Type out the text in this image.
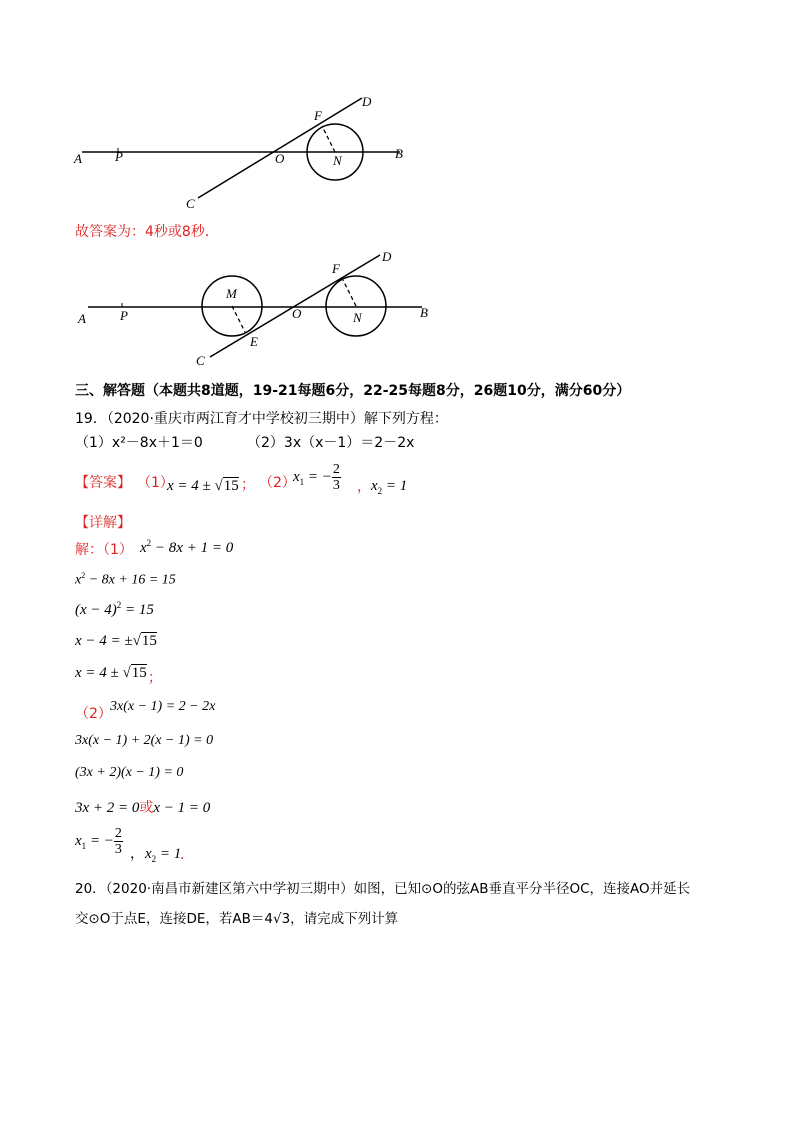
A	P	O	N	B
C
D
F
故答案为：4秒或8秒．
A	P
M
E
O
F
N	B
C
D
三、解答题（本题共8道题，19-21每题6分，22-25每题8分，26题10分，满分60分）
19．（2020·重庆市两江育才中学校初三期中）解下列方程：
（1）x²－8x＋1＝0	（2）3x（x－1）＝2－2x
【答案】 （1）
x = 4 ± √15 ； （2）
$x_1$ = − $\frac{2}{3}$ ， $x_2 = 1$
【详解】
解：（1） $x^2 - 8x + 1 = 0$
$x^2 - 8x + 16 = 15$
$(x - 4)^2 = 15$
x − 4 = ±√15
x = 4 ± √15 ；
（2）
3x(x − 1) = 2 − 2x
3x(x − 1) + 2(x − 1) = 0
(3x + 2)(x − 1) = 0
3x + 2 = 0或x − 1 = 0
$x_1$ = − $\frac{2}{3}$ ， $x_2 = 1$
．
20．（2020·南昌市新建区第六中学初三期中）如图，已知⊙O的弦AB垂直平分半径OC，连接AO并延长
交⊙O于点E，连接DE，若AB＝4√3，请完成下列计算
